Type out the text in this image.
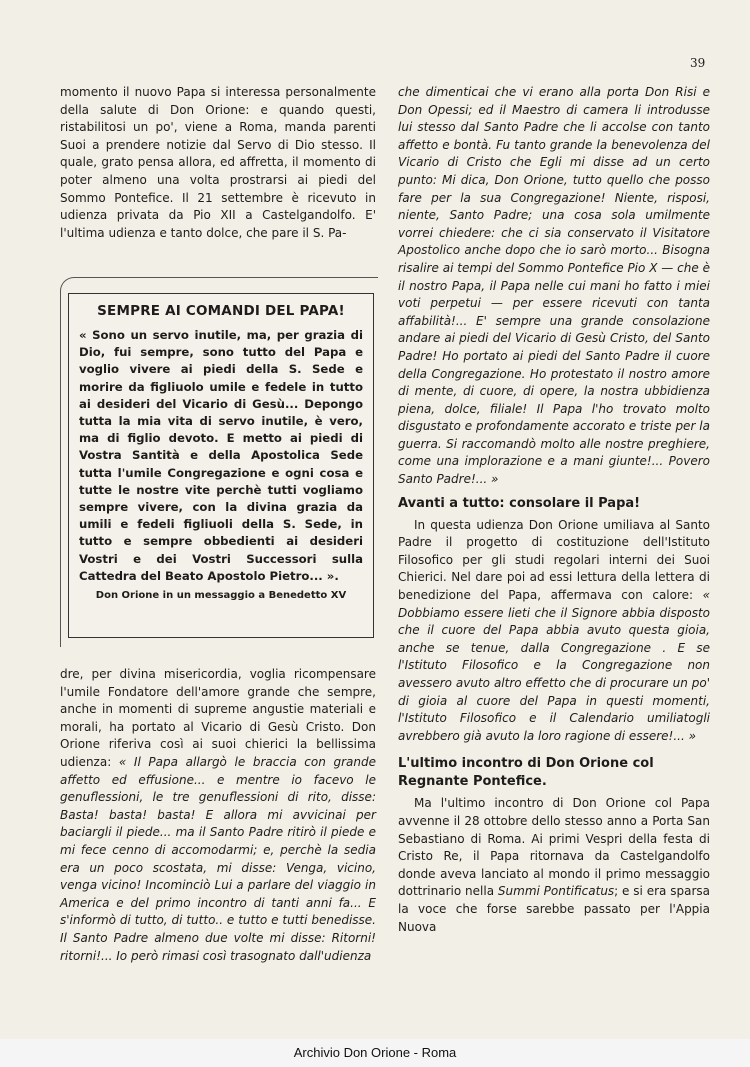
39

momento il nuovo Papa si interessa personalmente della salute di Don Orione: e quando questi, ristabilitosi un po', viene a Roma, manda parenti Suoi a prendere notizie dal Servo di Dio stesso. Il quale, grato pensa allora, ed affretta, il momento di poter almeno una volta prostrarsi ai piedi del Sommo Pontefice. Il 21 settembre è ricevuto in udienza privata da Pio XII a Castelgandolfo. E' l'ultima udienza e tanto dolce, che pare il S. Pa-

SEMPRE AI COMANDI DEL PAPA!

« Sono un servo inutile, ma, per grazia di Dio, fui sempre, sono tutto del Papa e voglio vivere ai piedi della S. Sede e morire da figliuolo umile e fedele in tutto ai desideri del Vicario di Gesù... Depongo tutta la mia vita di servo inutile, è vero, ma di figlio devoto. E metto ai piedi di Vostra Santità e della Apostolica Sede tutta l'umile Congregazione e ogni cosa e tutte le nostre vite perchè tutti vogliamo sempre vivere, con la divina grazia da umili e fedeli figliuoli della S. Sede, in tutto e sempre obbedienti ai desideri Vostri e dei Vostri Successori sulla Cattedra del Beato Apostolo Pietro... ».

Don Orione in un messaggio a Benedetto XV

dre, per divina misericordia, voglia ricompensare l'umile Fondatore dell'amore grande che sempre, anche in momenti di supreme angustie materiali e morali, ha portato al Vicario di Gesù Cristo. Don Orione riferiva così ai suoi chierici la bellissima udienza: « Il Papa allargò le braccia con grande affetto ed effusione... e mentre io facevo le genuflessioni, le tre genuflessioni di rito, disse: Basta! basta! basta! E allora mi avvicinai per baciargli il piede... ma il Santo Padre ritirò il piede e mi fece cenno di accomodarmi; e, perchè la sedia era un poco scostata, mi disse: Venga, vicino, venga vicino! Incominciò Lui a parlare del viaggio in America e del primo incontro di tanti anni fa... E s'informò di tutto, di tutto.. e tutto e tutti benedisse. Il Santo Padre almeno due volte mi disse: Ritorni! ritorni!... Io però rimasi così trasognato dall'udienza

che dimenticai che vi erano alla porta Don Risi e Don Opessi; ed il Maestro di camera li introdusse lui stesso dal Santo Padre che li accolse con tanto affetto e bontà. Fu tanto grande la benevolenza del Vicario di Cristo che Egli mi disse ad un certo punto: Mi dica, Don Orione, tutto quello che posso fare per la sua Congregazione! Niente, risposi, niente, Santo Padre; una cosa sola umilmente vorrei chiedere: che ci sia conservato il Visitatore Apostolico anche dopo che io sarò morto... Bisogna risalire ai tempi del Sommo Pontefice Pio X — che è il nostro Papa, il Papa nelle cui mani ho fatto i miei voti perpetui — per essere ricevuti con tanta affabilità!... E' sempre una grande consolazione andare ai piedi del Vicario di Gesù Cristo, del Santo Padre! Ho portato ai piedi del Santo Padre il cuore della Congregazione. Ho protestato il nostro amore di mente, di cuore, di opere, la nostra ubbidienza piena, dolce, filiale! Il Papa l'ho trovato molto disgustato e profondamente accorato e triste per la guerra. Si raccomandò molto alle nostre preghiere, come una implorazione e a mani giunte!... Povero Santo Padre!... »

Avanti a tutto: consolare il Papa!

In questa udienza Don Orione umiliava al Santo Padre il progetto di costituzione dell'Istituto Filosofico per gli studi regolari interni dei Suoi Chierici. Nel dare poi ad essi lettura della lettera di benedizione del Papa, affermava con calore: « Dobbiamo essere lieti che il Signore abbia disposto che il cuore del Papa abbia avuto questa gioia, anche se tenue, dalla Congregazione . E se l'Istituto Filosofico e la Congregazione non avessero avuto altro effetto che di procurare un po' di gioia al cuore del Papa in questi momenti, l'Istituto Filosofico e il Calendario umiliatogli avrebbero già avuto la loro ragione di essere!... »

L'ultimo incontro di Don Orione col Regnante Pontefice.

Ma l'ultimo incontro di Don Orione col Papa avvenne il 28 ottobre dello stesso anno a Porta San Sebastiano di Roma. Ai primi Vespri della festa di Cristo Re, il Papa ritornava da Castelgandolfo donde aveva lanciato al mondo il primo messaggio dottrinario nella Summi Pontificatus; e si era sparsa la voce che forse sarebbe passato per l'Appia Nuova

Archivio Don Orione - Roma
